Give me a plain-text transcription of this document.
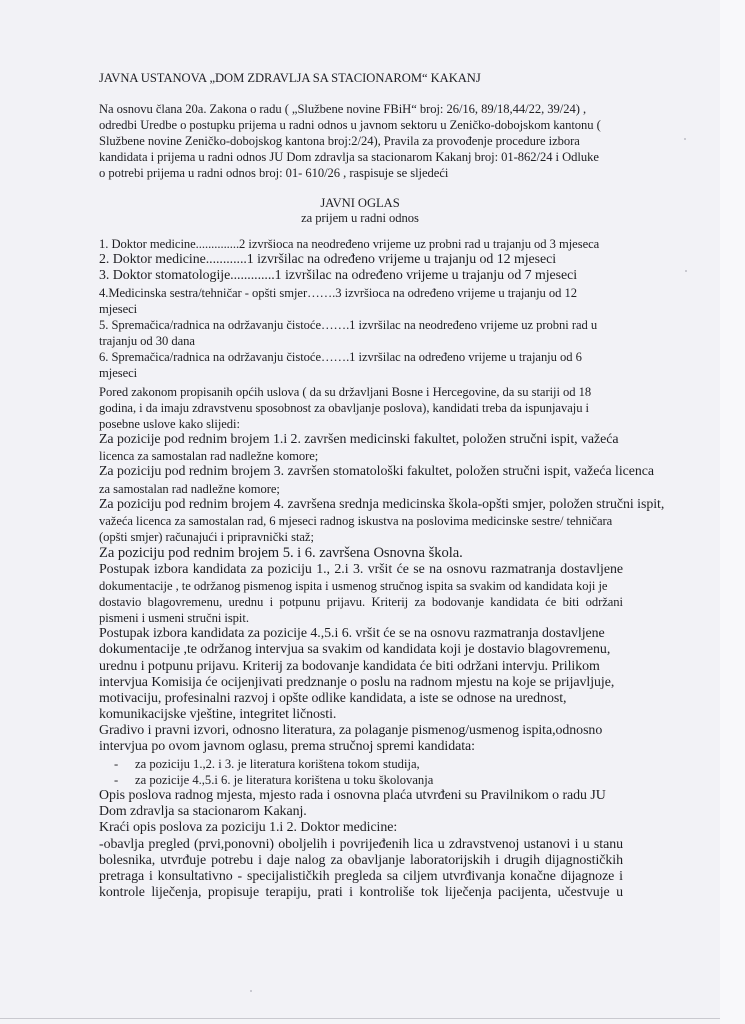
JAVNA USTANOVA „DOM ZDRAVLJA SA STACIONAROM“ KAKANJ
Na osnovu člana 20a. Zakona o radu ( „Službene novine FBiH“ broj: 26/16, 89/18,44/22, 39/24) ,
odredbi Uredbe o postupku prijema u radni odnos u javnom sektoru u Zeničko-dobojskom kantonu (
Službene novine Zeničko-dobojskog kantona broj:2/24), Pravila za provođenje procedure izbora
kandidata i prijema u radni odnos JU Dom zdravlja sa stacionarom Kakanj broj: 01-862/24 i Odluke
o potrebi prijema u radni odnos broj: 01- 610/26 , raspisuje se sljedeći
JAVNI OGLAS
za prijem u radni odnos
1. Doktor medicine..............2 izvršioca na neodređeno vrijeme uz probni rad u trajanju od 3 mjeseca
2. Doktor medicine............1 izvršilac na određeno vrijeme u trajanju od 12 mjeseci
3. Doktor stomatologije.............1 izvršilac na određeno vrijeme u trajanju od 7 mjeseci
4.Medicinska sestra/tehničar - opšti smjer…….3 izvršioca na određeno vrijeme u trajanju od 12
mjeseci
5. Spremačica/radnica na održavanju čistoće…….1 izvršilac na neodređeno vrijeme uz probni rad u
trajanju od 30 dana
6. Spremačica/radnica na održavanju čistoće…….1 izvršilac na određeno vrijeme u trajanju od 6
mjeseci
Pored zakonom propisanih općih uslova ( da su državljani Bosne i Hercegovine, da su stariji od 18
godina, i da imaju zdravstvenu sposobnost za obavljanje poslova), kandidati treba da ispunjavaju i
posebne uslove kako slijedi:
Za pozicije pod rednim brojem 1.i 2. završen medicinski fakultet, položen stručni ispit, važeća
licenca za samostalan rad nadležne komore;
Za poziciju pod rednim brojem 3. završen stomatološki fakultet, položen stručni ispit, važeća licenca
za samostalan rad nadležne komore;
Za poziciju pod rednim brojem 4. završena srednja medicinska škola-opšti smjer, položen stručni ispit,
važeća licenca za samostalan rad, 6 mjeseci radnog iskustva na poslovima medicinske sestre/ tehničara
(opšti smjer) računajući i pripravnički staž;
Za poziciju pod rednim brojem 5. i 6. završena Osnovna škola.
Postupak izbora kandidata za poziciju 1., 2.i 3. vršit će se na osnovu razmatranja dostavljene
dokumentacije , te održanog pismenog ispita i usmenog stručnog ispita sa svakim od kandidata koji je
dostavio blagovremenu, urednu i potpunu prijavu. Kriterij za bodovanje kandidata će biti održani
pismeni i usmeni stručni ispit.
Postupak izbora kandidata za pozicije 4.,5.i 6. vršit će se na osnovu razmatranja dostavljene
dokumentacije ,te održanog intervjua sa svakim od kandidata koji je dostavio blagovremenu,
urednu i potpunu prijavu. Kriterij za bodovanje kandidata će biti održani intervju. Prilikom
intervjua Komisija će ocijenjivati predznanje o poslu na radnom mjestu na koje se prijavljuje,
motivaciju, profesinalni razvoj i opšte odlike kandidata, a iste se odnose na urednost,
komunikacijske vještine, integritet ličnosti.
Gradivo i pravni izvori, odnosno literatura, za polaganje pismenog/usmenog ispita,odnosno
intervjua po ovom javnom oglasu, prema stručnoj spremi kandidata:
- za poziciju 1.,2. i 3. je literatura korištena tokom studija,
- za pozicije 4.,5.i 6. je literatura korištena u toku školovanja
Opis poslova radnog mjesta, mjesto rada i osnovna plaća utvrđeni su Pravilnikom o radu JU
Dom zdravlja sa stacionarom Kakanj.
Kraći opis poslova za poziciju 1.i 2. Doktor medicine:
-obavlja pregled (prvi,ponovni) oboljelih i povrijeđenih lica u zdravstvenoj ustanovi i u stanu
bolesnika, utvrđuje potrebu i daje nalog za obavljanje laboratorijskih i drugih dijagnostičkih
pretraga i konsultativno - specijalističkih pregleda sa ciljem utvrđivanja konačne dijagnoze i
kontrole liječenja, propisuje terapiju, prati i kontroliše tok liječenja pacijenta, učestvuje u
